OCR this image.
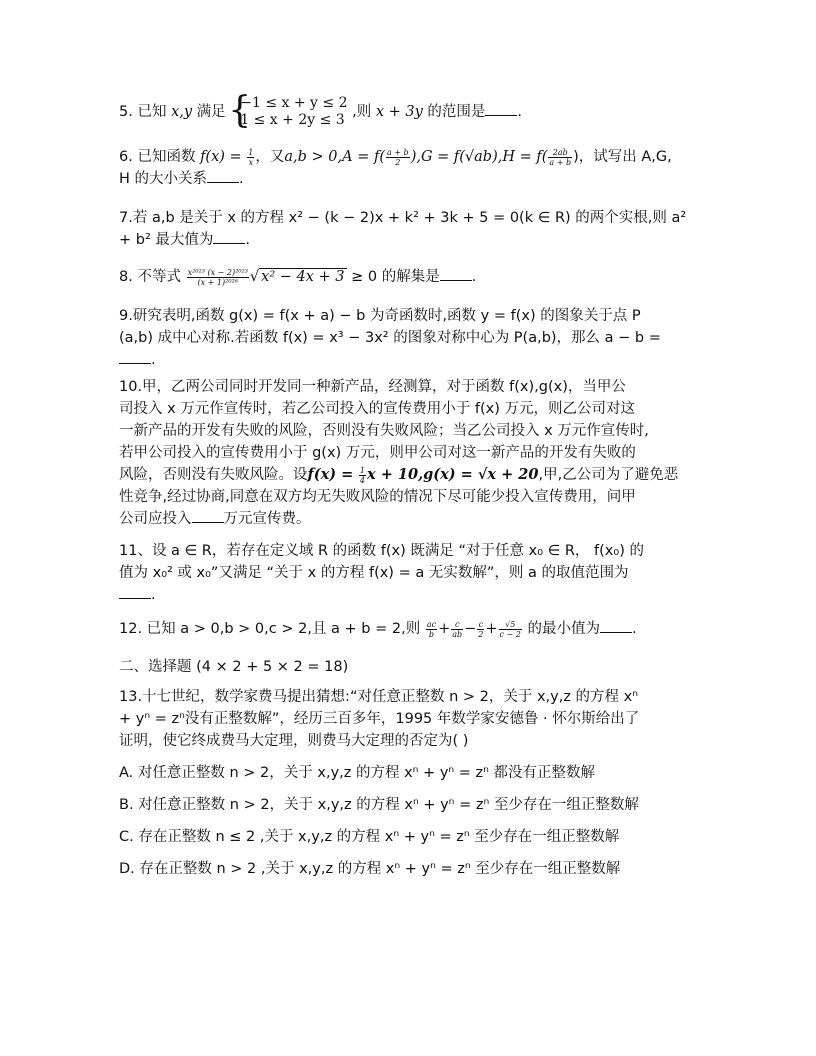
5. 已知 x,y 满足 {
−1 ≤ x + y ≤ 2
1 ≤ x + 2y ≤ 3 ,则 x + 3y 的范围是 .
6. 已知函数 $f(x) = \frac{1}{x}$ ，又$a,b > 0,A = f( \frac{a + b}{2} ),G = f(√ab),H = f( \frac{2ab}{a + b}$ )，试写出 A,G,
H 的大小关系 .
7.若 a,b 是关于 x 的方程 x² − (k − 2)x + k² + 3k + 5 = 0(k ∈ R) 的两个实根,则 a²
+ b² 最大值为 .
8. 不等式 $\frac{\text{x²⁰²³ (x − 2)²⁰²³}}{\text{(x + 1)²⁰²⁶}}$ √ x² − 4x + 3 ≥ 0 的解集是 .
9.研究表明,函数 g(x) = f(x + a) − b 为奇函数时,函数 y = f(x) 的图象关于点 P
(a,b) 成中心对称.若函数 f(x) = x³ − 3x² 的图象对称中心为 P(a,b)，那么 a − b =
.
10.甲，乙两公司同时开发同一种新产品，经测算，对于函数 f(x),g(x)，当甲公
司投入 x 万元作宣传时，若乙公司投入的宣传费用小于 f(x) 万元，则乙公司对这
一新产品的开发有失败的风险，否则没有失败风险；当乙公司投入 x 万元作宣传时,
若甲公司投入的宣传费用小于 g(x) 万元，则甲公司对这一新产品的开发有失败的
风险，否则没有失败风险。设$f(x) = \frac{1}{4}$ x + 10,g(x) = √x + 20,甲,乙公司为了避免恶
性竞争,经过协商,同意在双方均无失败风险的情况下尽可能少投入宣传费用，问甲
公司应投入 万元宣传费。
11、设 a ∈ R，若存在定义域 R 的函数 f(x) 既满足 “对于任意 x₀ ∈ R， f(x₀) 的
值为 x₀² 或 x₀”又满足 “关于 x 的方程 f(x) = a 无实数解”，则 a 的取值范围为
.
12. 已知 a > 0,b > 0,c > 2,且 a + b = 2,则 $\frac{ac}{b} + \frac{c}{ab} - \frac{c}{2} + \frac{√5}{c - 2}$ 的最小值为 .
二、选择题 (4 × 2 + 5 × 2 = 18)
13.十七世纪，数学家费马提出猜想:“对任意正整数 n > 2，关于 x,y,z 的方程 xⁿ
+ yⁿ = zⁿ没有正整数解”，经历三百多年，1995 年数学家安德鲁 · 怀尔斯给出了
证明，使它终成费马大定理，则费马大定理的否定为( )
A. 对任意正整数 n > 2，关于 x,y,z 的方程 xⁿ + yⁿ = zⁿ 都没有正整数解
B. 对任意正整数 n > 2，关于 x,y,z 的方程 xⁿ + yⁿ = zⁿ 至少存在一组正整数解
C. 存在正整数 n ≤ 2 ,关于 x,y,z 的方程 xⁿ + yⁿ = zⁿ 至少存在一组正整数解
D. 存在正整数 n > 2 ,关于 x,y,z 的方程 xⁿ + yⁿ = zⁿ 至少存在一组正整数解
